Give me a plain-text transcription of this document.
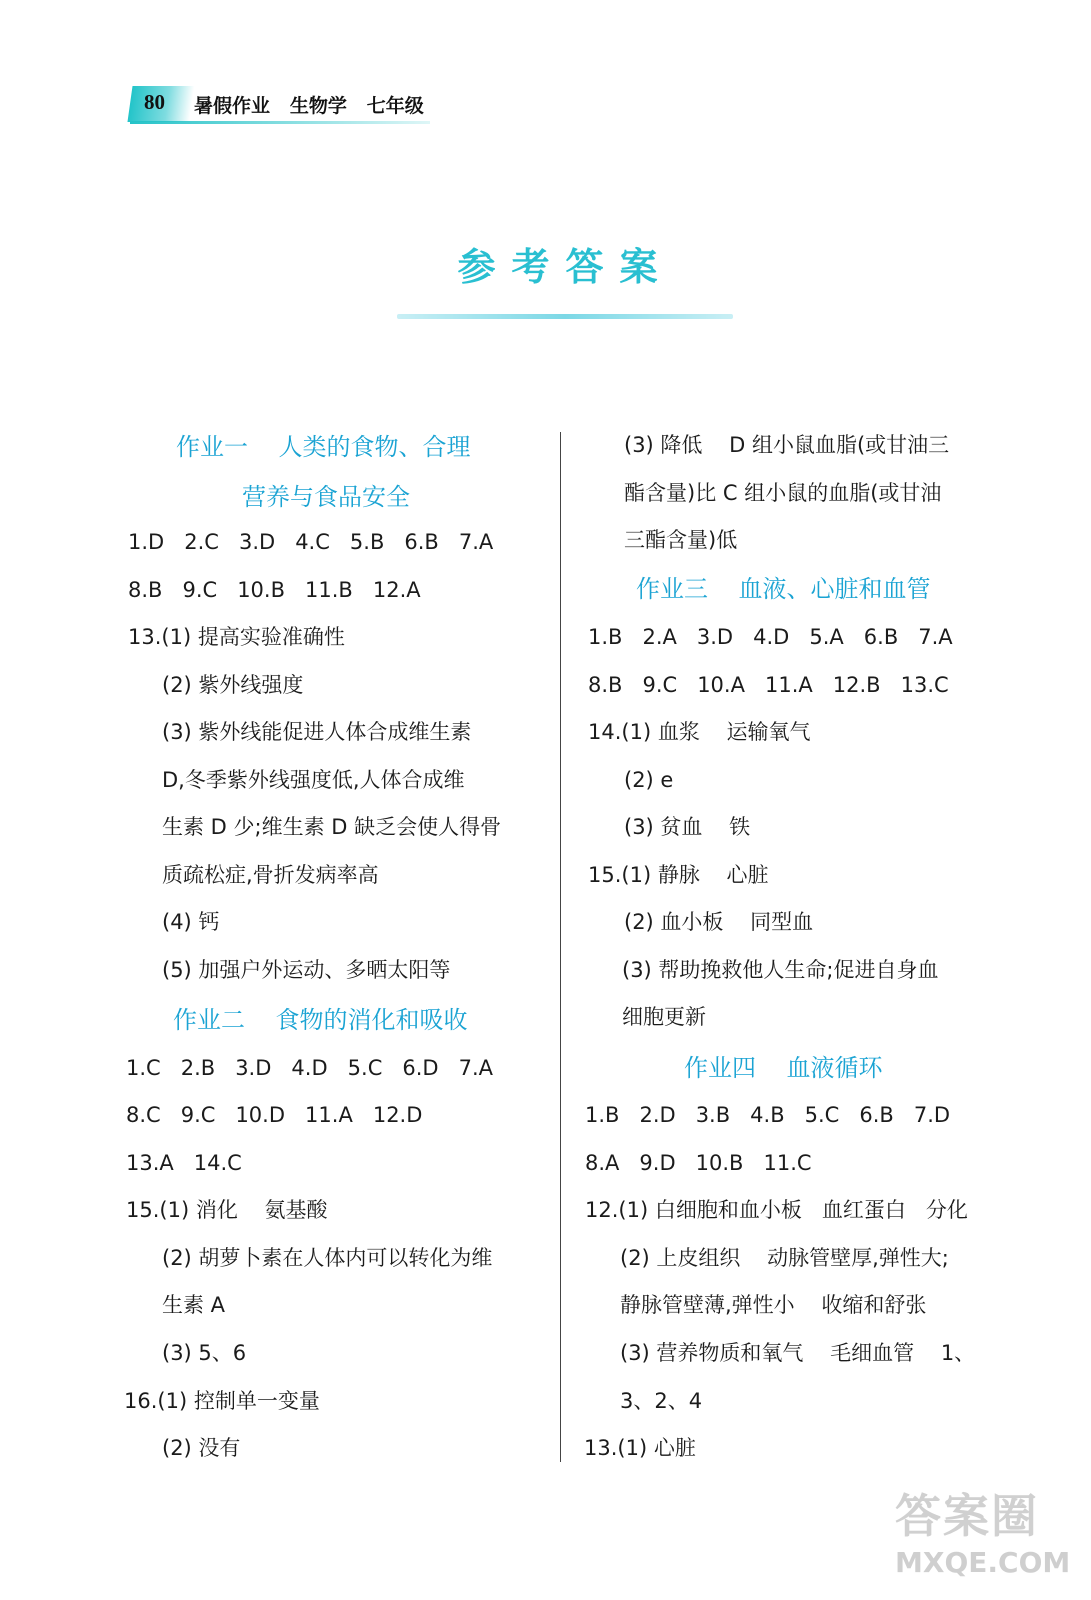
80 暑假作业   生物学   七年级
参考答案
作业一    人类的食物、合理
营养与食品安全
1.D   2.C   3.D   4.C   5.B   6.B   7.A
8.B   9.C   10.B   11.B   12.A
13.(1) 提高实验准确性
(2) 紫外线强度
(3) 紫外线能促进人体合成维生素
D,冬季紫外线强度低,人体合成维
生素 D 少;维生素 D 缺乏会使人得骨
质疏松症,骨折发病率高
(4) 钙
(5) 加强户外运动、多晒太阳等
作业二    食物的消化和吸收
1.C   2.B   3.D   4.D   5.C   6.D   7.A
8.C   9.C   10.D   11.A   12.D
13.A   14.C
15.(1) 消化    氨基酸
(2) 胡萝卜素在人体内可以转化为维
生素 A
(3) 5、6
16.(1) 控制单一变量
(2) 没有
(3) 降低    D 组小鼠血脂(或甘油三
酯含量)比 C 组小鼠的血脂(或甘油
三酯含量)低
作业三    血液、心脏和血管
1.B   2.A   3.D   4.D   5.A   6.B   7.A
8.B   9.C   10.A   11.A   12.B   13.C
14.(1) 血浆    运输氧气
(2) e
(3) 贫血    铁
15.(1) 静脉    心脏
(2) 血小板    同型血
(3) 帮助挽救他人生命;促进自身血
细胞更新
作业四    血液循环
1.B   2.D   3.B   4.B   5.C   6.B   7.D
8.A   9.D   10.B   11.C
12.(1) 白细胞和血小板   血红蛋白   分化
(2) 上皮组织    动脉管壁厚,弹性大;
静脉管壁薄,弹性小    收缩和舒张
(3) 营养物质和氧气    毛细血管    1、
3、2、4
13.(1) 心脏
答案圈
MXQE.COM
